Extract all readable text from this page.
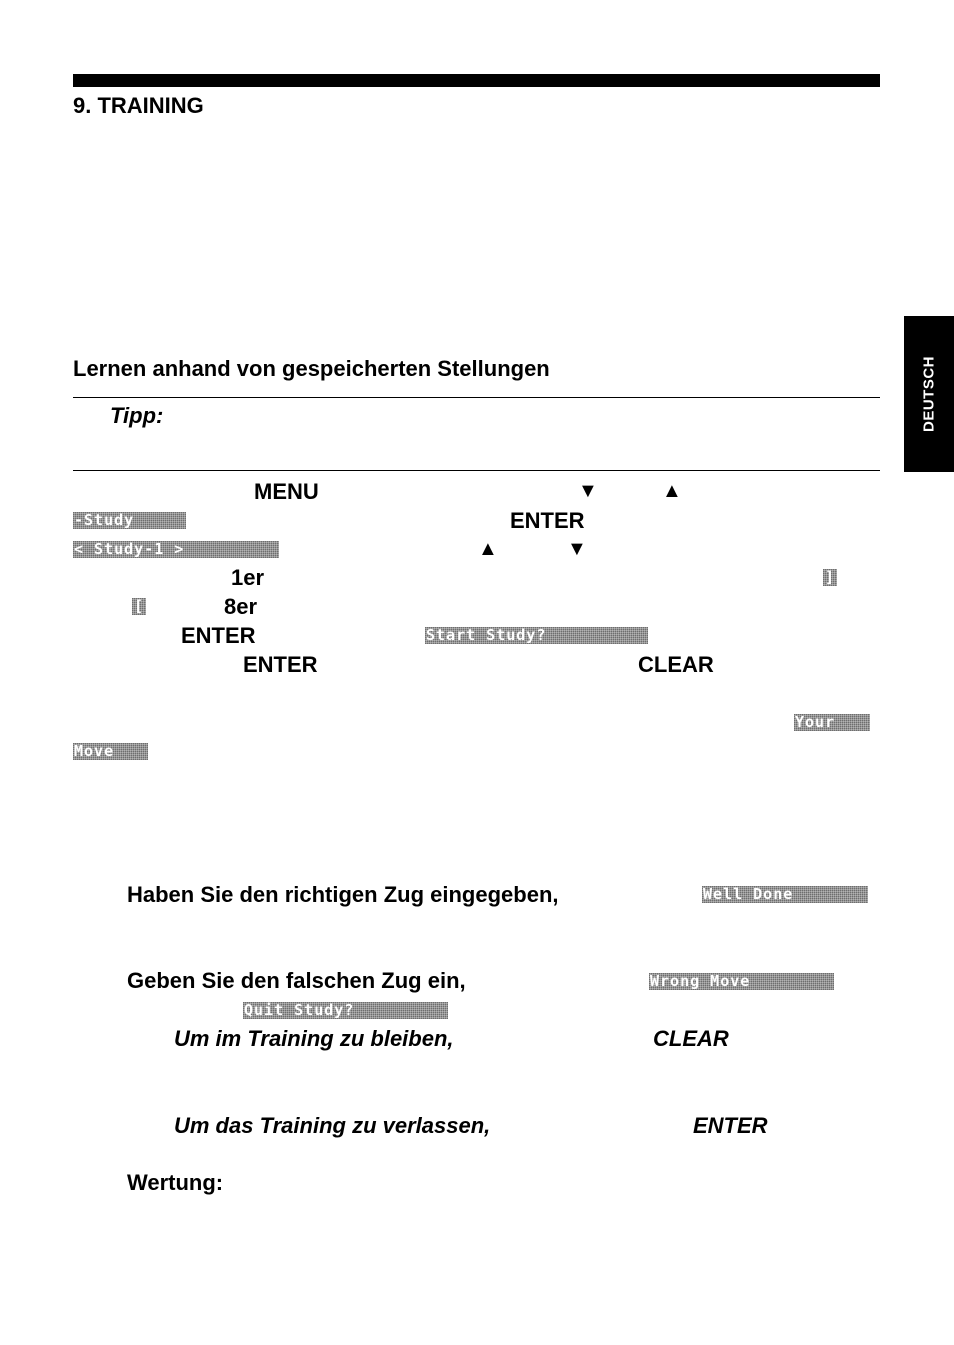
9. TRAINING
DEUTSCH
Lernen anhand von gespeicherten Stellungen
Tipp:
MENU	▼	▲
-Study	ENTER
< Study-1 >	▲	▼
1er	]
[	8er
ENTER	Start Study?
ENTER	CLEAR
Your
Move
Haben Sie den richtigen Zug eingegeben,	Well Done
Geben Sie den falschen Zug ein,	Wrong Move
Quit Study?
Um im Training zu bleiben,	CLEAR
Um das Training zu verlassen,	ENTER
Wertung:
